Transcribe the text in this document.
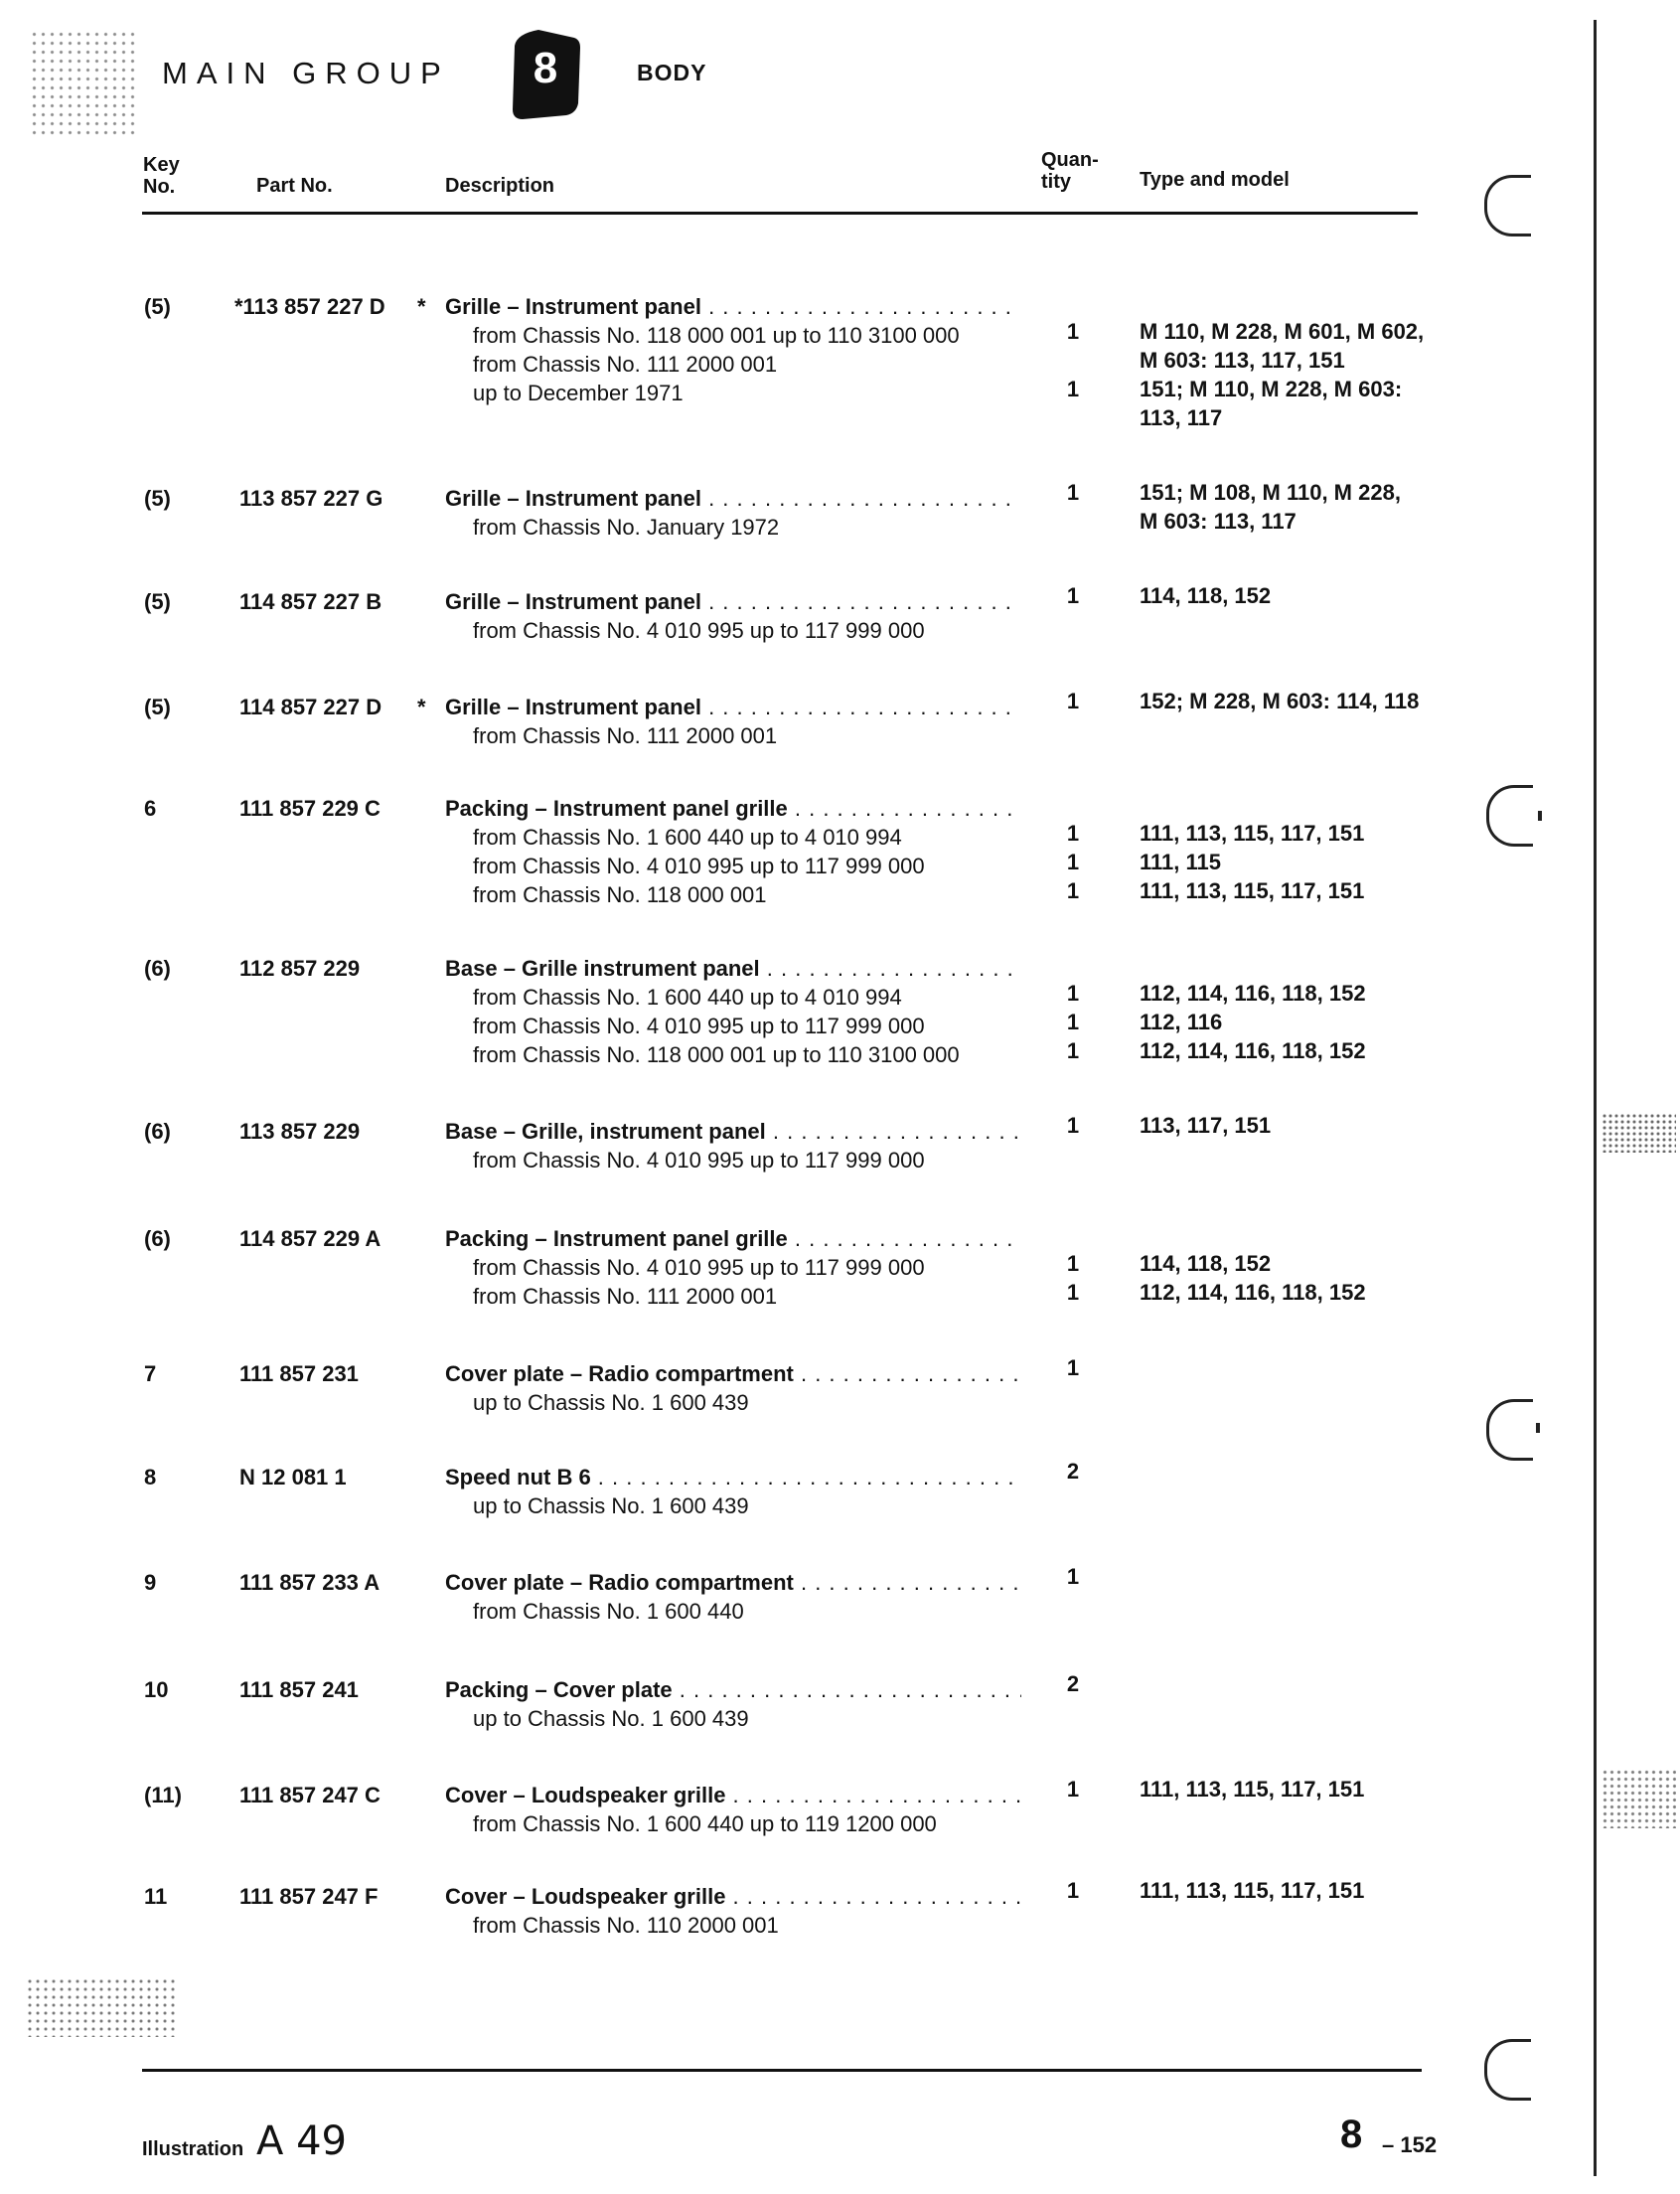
MAIN GROUP	8	BODY
Key
No.	Part No.	Description
Quan-
tity	Type and model
(5)	*113 857 227 D * Grille – Instrument panel . . .
from Chassis No. 118 000 001 up to 110 3100 000
from Chassis No. 111 2000 001
up to December 1971
1	M 110, M 228, M 601, M 602,
M 603: 113, 117, 151
1	151; M 110, M 228, M 603:
113, 117
(5)	113 857 227 G	Grille – Instrument panel . . .
from Chassis No. January 1972
1	151; M 108, M 110, M 228,
M 603: 113, 117
(5)	114 857 227 B	Grille – Instrument panel . . .
from Chassis No. 4 010 995 up to 117 999 000
1	114, 118, 152
(5)	114 857 227 D * Grille – Instrument panel . . .
from Chassis No. 111 2000 001
1	152; M 228, M 603: 114, 118
6	111 857 229 C	Packing – Instrument panel grille . . .
from Chassis No. 1 600 440 up to 4 010 994
from Chassis No. 4 010 995 up to 117 999 000
from Chassis No. 118 000 001
1	111, 113, 115, 117, 151
1	111, 115
1	111, 113, 115, 117, 151
(6)	112 857 229	Base – Grille instrument panel . . .
from Chassis No. 1 600 440 up to 4 010 994
from Chassis No. 4 010 995 up to 117 999 000
from Chassis No. 118 000 001 up to 110 3100 000
1	112, 114, 116, 118, 152
1	112, 116
1	112, 114, 116, 118, 152
(6)	113 857 229	Base – Grille, instrument panel . . .
from Chassis No. 4 010 995 up to 117 999 000
1	113, 117, 151
(6)	114 857 229 A	Packing – Instrument panel grille . . .
from Chassis No. 4 010 995 up to 117 999 000
from Chassis No. 111 2000 001
1	114, 118, 152
1	112, 114, 116, 118, 152
7	111 857 231	Cover plate – Radio compartment . . .
up to Chassis No. 1 600 439
1
8	N 12 081 1	Speed nut B 6 . . .
up to Chassis No. 1 600 439
2
9	111 857 233 A	Cover plate – Radio compartment . . .
from Chassis No. 1 600 440
1
10	111 857 241	Packing – Cover plate . . .
up to Chassis No. 1 600 439
2
(11)	111 857 247 C	Cover – Loudspeaker grille . . .
from Chassis No. 1 600 440 up to 119 1200 000
1	111, 113, 115, 117, 151
11	111 857 247 F	Cover – Loudspeaker grille . . .
from Chassis No. 110 2000 001
1	111, 113, 115, 117, 151
Illustration A 49	8 – 152
